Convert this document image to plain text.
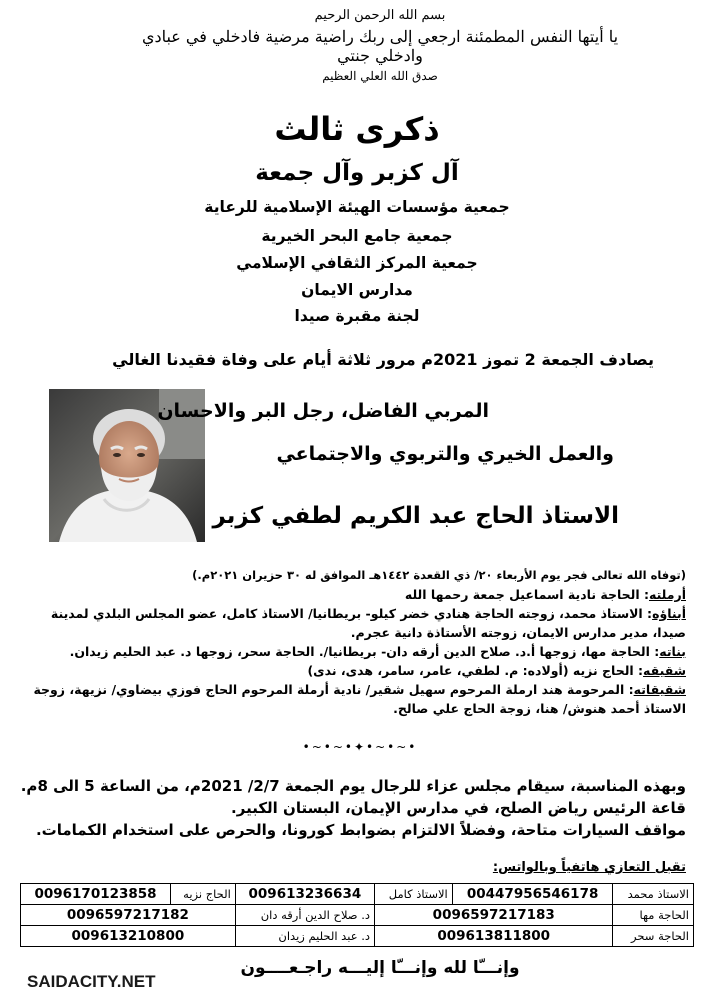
بسم الله الرحمن الرحيم
يا أيتها النفس المطمئنة ارجعي إلى ربك راضية مرضية فادخلي في عبادي وادخلي جنتي
صدق الله العلي العظيم
ذكرى ثالث
آل كزبر وآل جمعة
جمعية مؤسسات الهيئة الإسلامية للرعاية
جمعية جامع البحر الخيرية
جمعية المركز الثقافي الإسلامي
مدارس الايمان
لجنة مقبرة صيدا
يصادف الجمعة 2 تموز 2021م مرور ثلاثة أيام على وفاة فقيدنا الغالي
المربي الفاضل، رجل البر والاحسان
والعمل الخيري والتربوي والاجتماعي
الاستاذ الحاج عبد الكريم لطفي كزبر
(توفاه الله تعالى فجر يوم الأربعاء ٢٠/ ذي القعدة ١٤٤٢هـ الموافق له ٣٠ حزيران ٢٠٢١م.)
أرملته: الحاجة نادية اسماعيل جمعة رحمها الله
أبناؤه: الاستاذ محمد، زوجته الحاجة هنادي خضر كيلو- بريطانيا/ الاستاذ كامل، عضو المجلس البلدي لمدينة صيدا، مدير مدارس الايمان، زوجته الأستاذة دانية عجرم.
بناته: الحاجة مها، زوجها أ.د. صلاح الدين أرقه دان- بريطانيا/. الحاجة سحر، زوجها د. عبد الحليم زيدان.
شقيقه: الحاج نزيه (أولاده: م. لطفي، عامر، سامر، هدى، ندى)
شقيقاته: المرحومة هند ارملة المرحوم سهيل شقير/ نادية أرملة المرحوم الحاج فوزي بيضاوي/ نزيهة، زوجة الاستاذ أحمد هنوش/ هنا، زوجة الحاج علي صالح.
•~•~•✦•~•~•
وبهذه المناسبة، سيقام مجلس عزاء للرجال يوم الجمعة 2/7/ 2021م، من الساعة 5 الى 8م.
قاعة الرئيس رياض الصلح، في مدارس الإيمان، البستان الكبير.
مواقف السيارات متاحة، وفضلاً الالتزام بضوابط كورونا، والحرص على استخدام الكمامات.
تقبل التعازي هاتفياً وبالواتس:
الاستاذ محمد	00447956546178	الاستاذ كامل	009613236634	الحاج نزيه	0096170123858
الحاجة مها	0096597217183		د. صلاح الدين أرقه دان	0096597217182	
الحاجة سحر	009613811800		د. عبد الحليم زيدان	009613210800	
وإنـــّا لله وإنـــّا إليـــه راجـعــــون
SAIDACITY.NET
